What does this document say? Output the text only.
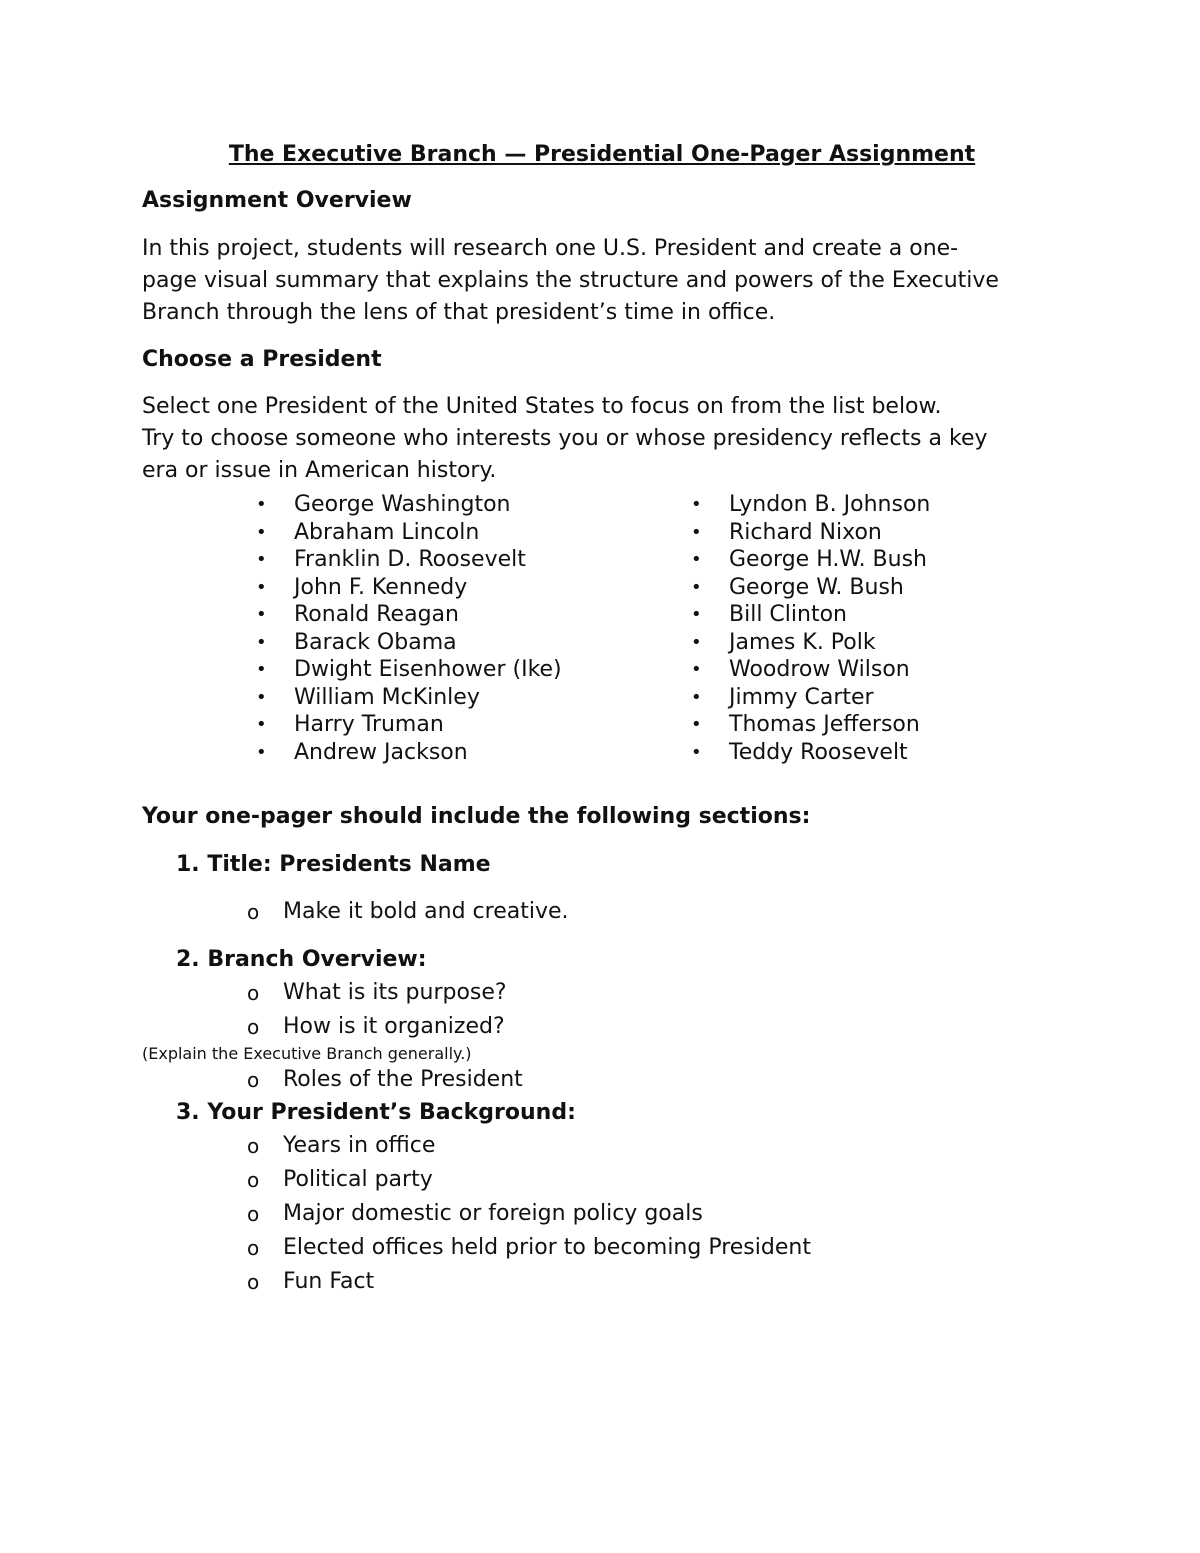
The Executive Branch — Presidential One-Pager Assignment
Assignment Overview

In this project, students will research one U.S. President and create a one-

page visual summary that explains the structure and powers of the Executive

Branch through the lens of that president’s time in office.

Choose a President

Select one President of the United States to focus on from the list below.

Try to choose someone who interests you or whose presidency reflects a key

era or issue in American history.

• George Washington
• Abraham Lincoln
• Franklin D. Roosevelt
• John F. Kennedy
• Ronald Reagan
• Barack Obama
• Dwight Eisenhower (Ike)
• William McKinley
• Harry Truman
• Andrew Jackson
• Lyndon B. Johnson
• Richard Nixon
• George H.W. Bush
• George W. Bush
• Bill Clinton
• James K. Polk
• Woodrow Wilson
• Jimmy Carter
• Thomas Jefferson
• Teddy Roosevelt
Your one-pager should include the following sections:
1. Title: Presidents Name
o Make it bold and creative.
2. Branch Overview:
o What is its purpose?
o How is it organized?

(Explain the Executive Branch generally.)

o Roles of the President
3. Your President’s Background:
o Years in office
o Political party
o Major domestic or foreign policy goals
o Elected offices held prior to becoming President
o Fun Fact
